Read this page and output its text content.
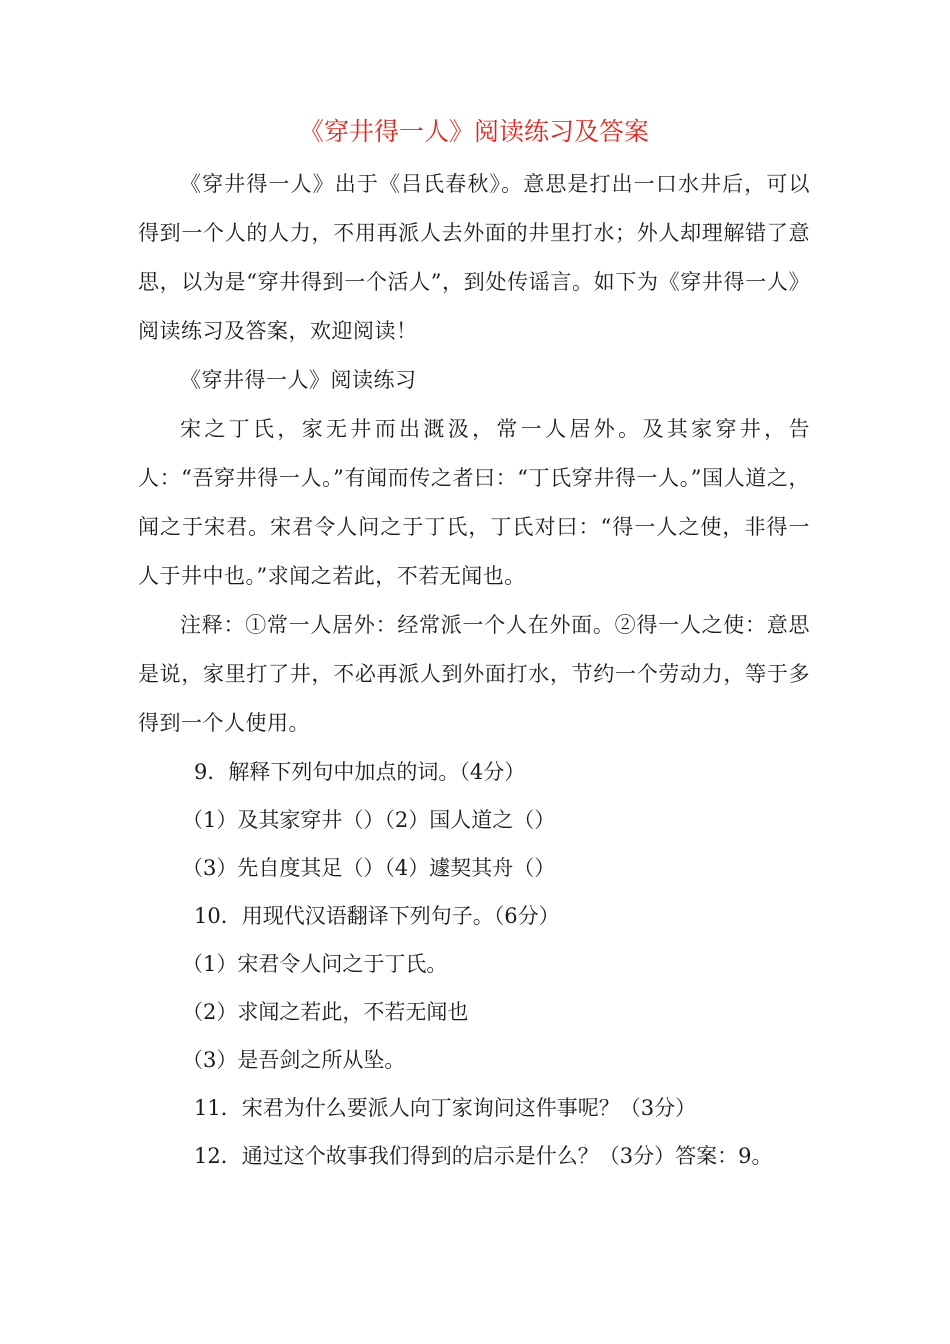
《穿井得一人》阅读练习及答案

《穿井得一人》出于《吕氏春秋》。意思是打出一口水井后，可以得到一个人的人力，不用再派人去外面的井里打水；外人却理解错了意思，以为是“穿井得到一个活人”，到处传谣言。如下为《穿井得一人》阅读练习及答案，欢迎阅读！

《穿井得一人》阅读练习

宋之丁氏，家无井而出溉汲，常一人居外。及其家穿井，告人：“吾穿井得一人。”有闻而传之者曰：“丁氏穿井得一人。”国人道之，闻之于宋君。宋君令人问之于丁氏，丁氏对曰：“得一人之使，非得一人于井中也。”求闻之若此，不若无闻也。

注释：①常一人居外：经常派一个人在外面。②得一人之使：意思是说，家里打了井，不必再派人到外面打水，节约一个劳动力，等于多得到一个人使用。

9．解释下列句中加点的词。（4分）

（1）及其家穿井（）（2）国人道之（）

（3）先自度其足（）（4）遽契其舟（）

10．用现代汉语翻译下列句子。（6分）

（1）宋君令人问之于丁氏。

（2）求闻之若此，不若无闻也

（3）是吾剑之所从坠。

11．宋君为什么要派人向丁家询问这件事呢？（3分）

12．通过这个故事我们得到的启示是什么？（3分）答案：9。
